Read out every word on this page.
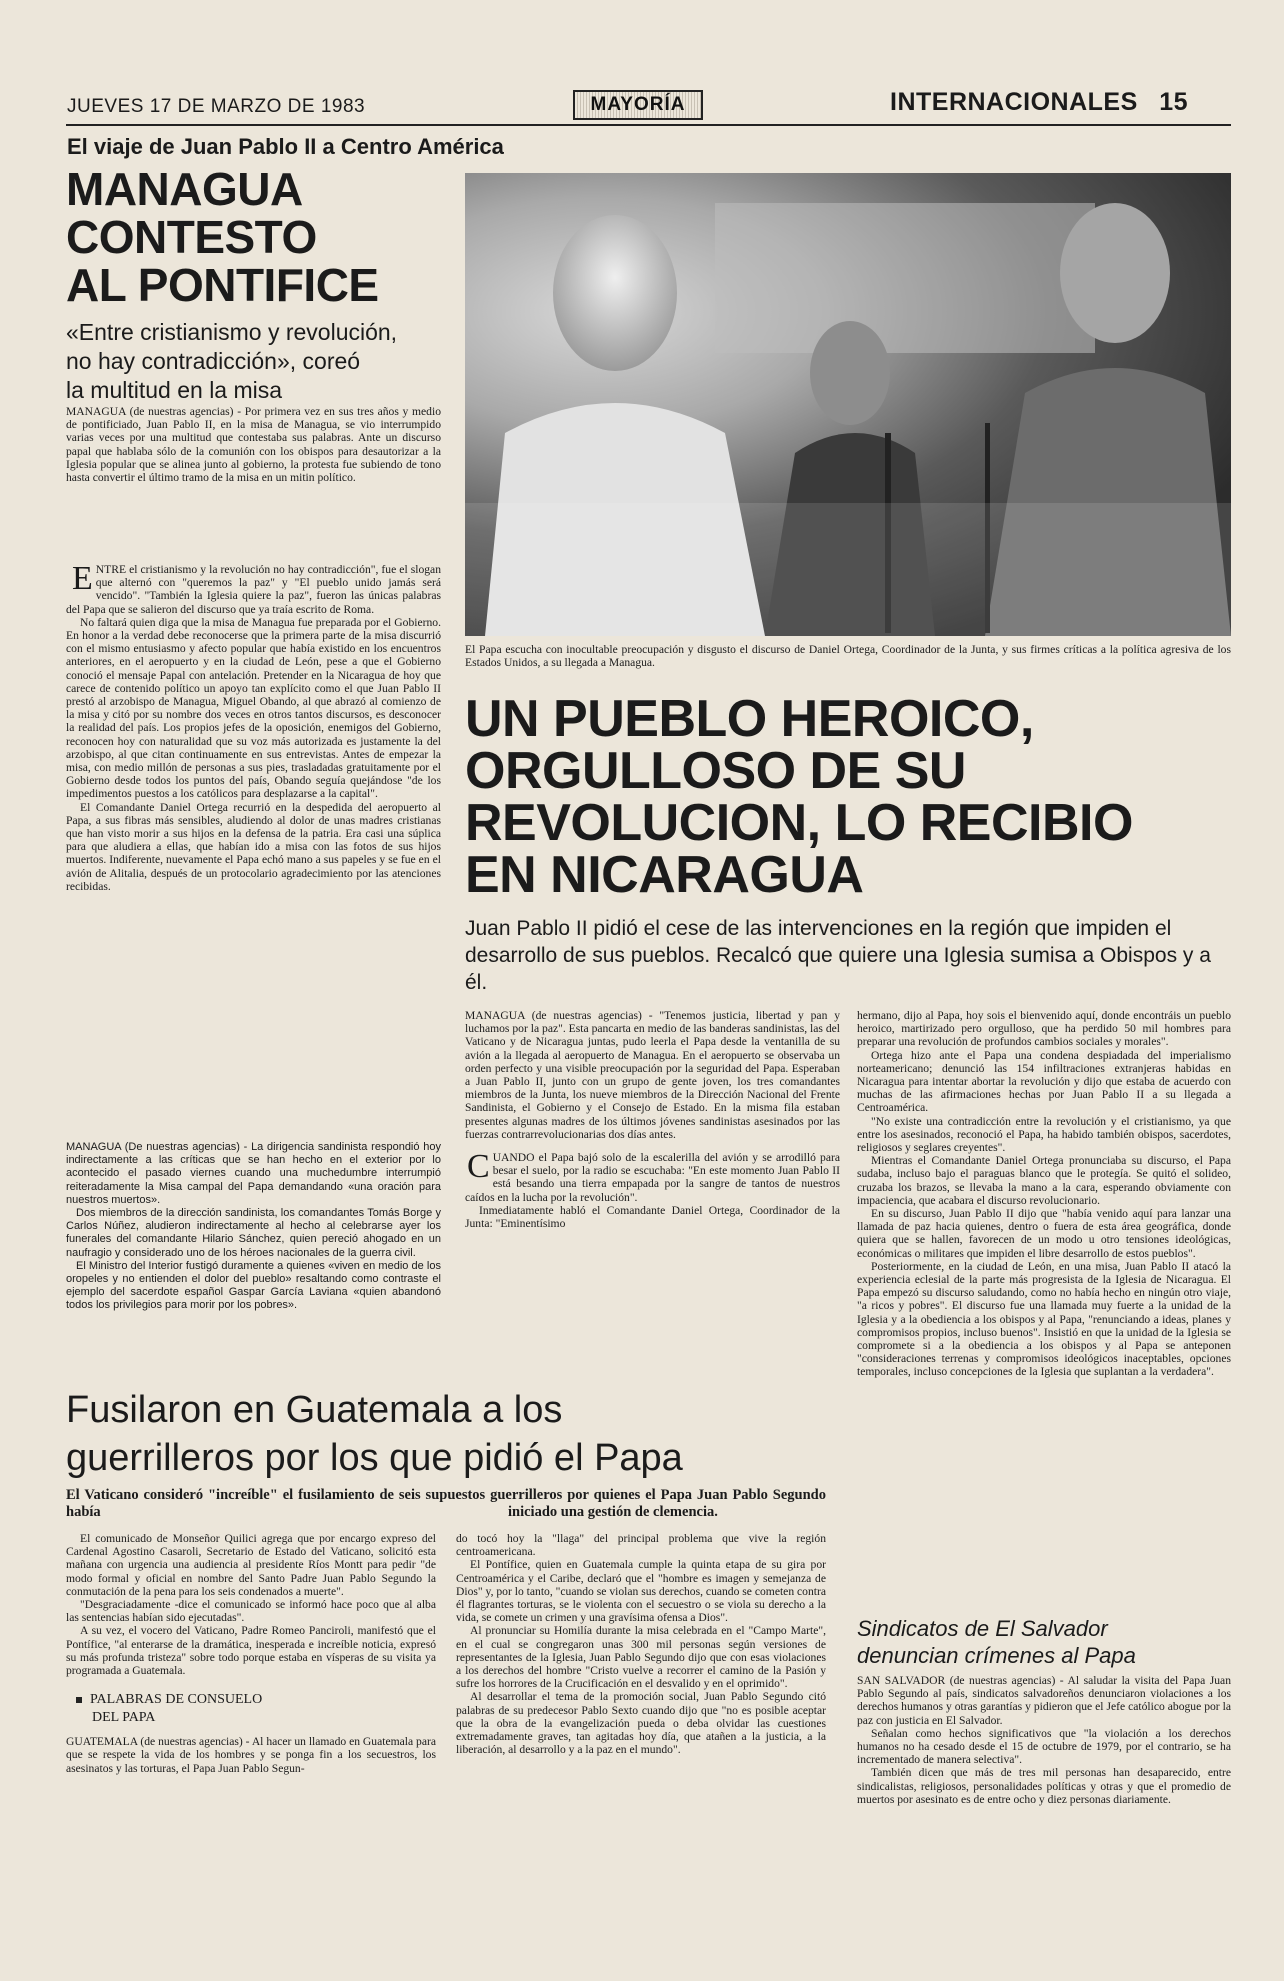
JUEVES 17 DE MARZO DE 1983	MAYORÍA	INTERNACIONALES 15
El viaje de Juan Pablo II a Centro América
MANAGUA
CONTESTO
AL PONTIFICE
«Entre cristianismo y revolución,
no hay contradicción», coreó
la multitud en la misa

MANAGUA (de nuestras agencias) - Por primera vez en sus tres años y medio de pontificiado, Juan Pablo II, en la misa de Managua, se vio interrumpido varias veces por una multitud que contestaba sus palabras. Ante un discurso papal que hablaba sólo de la comunión con los obispos para desautorizar a la Iglesia popular que se alinea junto al gobierno, la protesta fue subiendo de tono hasta convertir el último tramo de la misa en un mitin político.

ENTRE el cristianismo y la revolución no hay contradicción", fue el slogan que alternó con "queremos la paz" y "El pueblo unido jamás será vencido". "También la Iglesia quiere la paz", fueron las únicas palabras del Papa que se salieron del discurso que ya traía escrito de Roma.

No faltará quien diga que la misa de Managua fue preparada por el Gobierno. En honor a la verdad debe reconocerse que la primera parte de la misa discurrió con el mismo entusiasmo y afecto popular que había existido en los encuentros anteriores, en el aeropuerto y en la ciudad de León, pese a que el Gobierno conoció el mensaje Papal con antelación. Pretender en la Nicaragua de hoy que carece de contenido político un apoyo tan explícito como el que Juan Pablo II prestó al arzobispo de Managua, Miguel Obando, al que abrazó al comienzo de la misa y citó por su nombre dos veces en otros tantos discursos, es desconocer la realidad del país. Los propios jefes de la oposición, enemigos del Gobierno, reconocen hoy con naturalidad que su voz más autorizada es justamente la del arzobispo, al que citan continuamente en sus entrevistas. Antes de empezar la misa, con medio millón de personas a sus pies, trasladadas gratuitamente por el Gobierno desde todos los puntos del país, Obando seguía quejándose "de los impedimentos puestos a los católicos para desplazarse a la capital".

El Comandante Daniel Ortega recurrió en la despedida del aeropuerto al Papa, a sus fibras más sensibles, aludiendo al dolor de unas madres cristianas que han visto morir a sus hijos en la defensa de la patria. Era casi una súplica para que aludiera a ellas, que habían ido a misa con las fotos de sus hijos muertos. Indiferente, nuevamente el Papa echó mano a sus papeles y se fue en el avión de Alitalia, después de un protocolario agradecimiento por las atenciones recibidas.

MANAGUA (De nuestras agencias) - La dirigencia sandinista respondió hoy indirectamente a las críticas que se han hecho en el exterior por lo acontecido el pasado viernes cuando una muchedumbre interrumpió reiteradamente la Misa campal del Papa demandando «una oración para nuestros muertos».

Dos miembros de la dirección sandinista, los comandantes Tomás Borge y Carlos Núñez, aludieron indirectamente al hecho al celebrarse ayer los funerales del comandante Hilario Sánchez, quien pereció ahogado en un naufragio y considerado uno de los héroes nacionales de la guerra civil.

El Ministro del Interior fustigó duramente a quienes «viven en medio de los oropeles y no entienden el dolor del pueblo» resaltando como contraste el ejemplo del sacerdote español Gaspar García Laviana «quien abandonó todos los privilegios para morir por los pobres».

El Papa escucha con inocultable preocupación y disgusto el discurso de Daniel Ortega, Coordinador de la Junta, y sus firmes críticas a la política agresiva de los Estados Unidos, a su llegada a Managua.

UN PUEBLO HEROICO,
ORGULLOSO DE SU
REVOLUCION, LO RECIBIO
EN NICARAGUA
Juan Pablo II pidió el cese de las intervenciones en la región que impiden el desarrollo de sus pueblos. Recalcó que quiere una Iglesia sumisa a Obispos y a él.

MANAGUA (de nuestras agencias) - "Tenemos justicia, libertad y pan y luchamos por la paz". Esta pancarta en medio de las banderas sandinistas, las del Vaticano y de Nicaragua juntas, pudo leerla el Papa desde la ventanilla de su avión a la llegada al aeropuerto de Managua. En el aeropuerto se observaba un orden perfecto y una visible preocupación por la seguridad del Papa. Esperaban a Juan Pablo II, junto con un grupo de gente joven, los tres comandantes miembros de la Junta, los nueve miembros de la Dirección Nacional del Frente Sandinista, el Gobierno y el Consejo de Estado. En la misma fila estaban presentes algunas madres de los últimos jóvenes sandinistas asesinados por las fuerzas contrarrevolucionarias dos días antes.

CUANDO el Papa bajó solo de la escalerilla del avión y se arrodilló para besar el suelo, por la radio se escuchaba: "En este momento Juan Pablo II está besando una tierra empapada por la sangre de tantos de nuestros caídos en la lucha por la revolución".

Inmediatamente habló el Comandante Daniel Ortega, Coordinador de la Junta: "Eminentísimo

hermano, dijo al Papa, hoy sois el bienvenido aquí, donde encontráis un pueblo heroico, martirizado pero orgulloso, que ha perdido 50 mil hombres para preparar una revolución de profundos cambios sociales y morales".

Ortega hizo ante el Papa una condena despiadada del imperialismo norteamericano; denunció las 154 infiltraciones extranjeras habidas en Nicaragua para intentar abortar la revolución y dijo que estaba de acuerdo con muchas de las afirmaciones hechas por Juan Pablo II a su llegada a Centroamérica.

"No existe una contradicción entre la revolución y el cristianismo, ya que entre los asesinados, reconoció el Papa, ha habido también obispos, sacerdotes, religiosos y seglares creyentes".

Mientras el Comandante Daniel Ortega pronunciaba su discurso, el Papa sudaba, incluso bajo el paraguas blanco que le protegía. Se quitó el solideo, cruzaba los brazos, se llevaba la mano a la cara, esperando obviamente con impaciencia, que acabara el discurso revolucionario.

En su discurso, Juan Pablo II dijo que "había venido aquí para lanzar una llamada de paz hacia quienes, dentro o fuera de esta área geográfica, donde quiera que se hallen, favorecen de un modo u otro tensiones ideológicas, económicas o militares que impiden el libre desarrollo de estos pueblos".

Posteriormente, en la ciudad de León, en una misa, Juan Pablo II atacó la experiencia eclesial de la parte más progresista de la Iglesia de Nicaragua. El Papa empezó su discurso saludando, como no había hecho en ningún otro viaje, "a ricos y pobres". El discurso fue una llamada muy fuerte a la unidad de la Iglesia y a la obediencia a los obispos y al Papa, "renunciando a ideas, planes y compromisos propios, incluso buenos". Insistió en que la unidad de la Iglesia se compromete si a la obediencia a los obispos y al Papa se anteponen "consideraciones terrenas y compromisos ideológicos inaceptables, opciones temporales, incluso concepciones de la Iglesia que suplantan a la verdadera".

Fusilaron en Guatemala a los
guerrilleros por los que pidió el Papa
El Vaticano consideró "increíble" el fusilamiento de seis supuestos guerrilleros por quienes el Papa Juan Pablo Segundo había	iniciado una gestión de clemencia.

El comunicado de Monseñor Quilici agrega que por encargo expreso del Cardenal Agostino Casaroli, Secretario de Estado del Vaticano, solicitó esta mañana con urgencia una audiencia al presidente Ríos Montt para pedir "de modo formal y oficial en nombre del Santo Padre Juan Pablo Segundo la conmutación de la pena para los seis condenados a muerte".

"Desgraciadamente -dice el comunicado se informó hace poco que al alba las sentencias habían sido ejecutadas".

A su vez, el vocero del Vaticano, Padre Romeo Panciroli, manifestó que el Pontífice, "al enterarse de la dramática, inesperada e increíble noticia, expresó su más profunda tristeza" sobre todo porque estaba en vísperas de su visita ya programada a Guatemala.

PALABRAS DE CONSUELO
DEL PAPA

GUATEMALA (de nuestras agencias) - Al hacer un llamado en Guatemala para que se respete la vida de los hombres y se ponga fin a los secuestros, los asesinatos y las torturas, el Papa Juan Pablo Segun-

do tocó hoy la "llaga" del principal problema que vive la región centroamericana.

El Pontífice, quien en Guatemala cumple la quinta etapa de su gira por Centroamérica y el Caribe, declaró que el "hombre es imagen y semejanza de Dios" y, por lo tanto, "cuando se violan sus derechos, cuando se cometen contra él flagrantes torturas, se le violenta con el secuestro o se viola su derecho a la vida, se comete un crimen y una gravísima ofensa a Dios".

Al pronunciar su Homilía durante la misa celebrada en el "Campo Marte", en el cual se congregaron unas 300 mil personas según versiones de representantes de la Iglesia, Juan Pablo Segundo dijo que con esas violaciones a los derechos del hombre "Cristo vuelve a recorrer el camino de la Pasión y sufre los horrores de la Crucificación en el desvalido y en el oprimido".

Al desarrollar el tema de la promoción social, Juan Pablo Segundo citó palabras de su predecesor Pablo Sexto cuando dijo que "no es posible aceptar que la obra de la evangelización pueda o deba olvidar las cuestiones extremadamente graves, tan agitadas hoy día, que atañen a la justicia, a la liberación, al desarrollo y a la paz en el mundo".

Sindicatos de El Salvador
denuncian crímenes al Papa

SAN SALVADOR (de nuestras agencias) - Al saludar la visita del Papa Juan Pablo Segundo al país, sindicatos salvadoreños denunciaron violaciones a los derechos humanos y otras garantías y pidieron que el Jefe católico abogue por la paz con justicia en El Salvador.

Señalan como hechos significativos que "la violación a los derechos humanos no ha cesado desde el 15 de octubre de 1979, por el contrario, se ha incrementado de manera selectiva".

También dicen que más de tres mil personas han desaparecido, entre sindicalistas, religiosos, personalidades políticas y otras y que el promedio de muertos por asesinato es de entre ocho y diez personas diariamente.
